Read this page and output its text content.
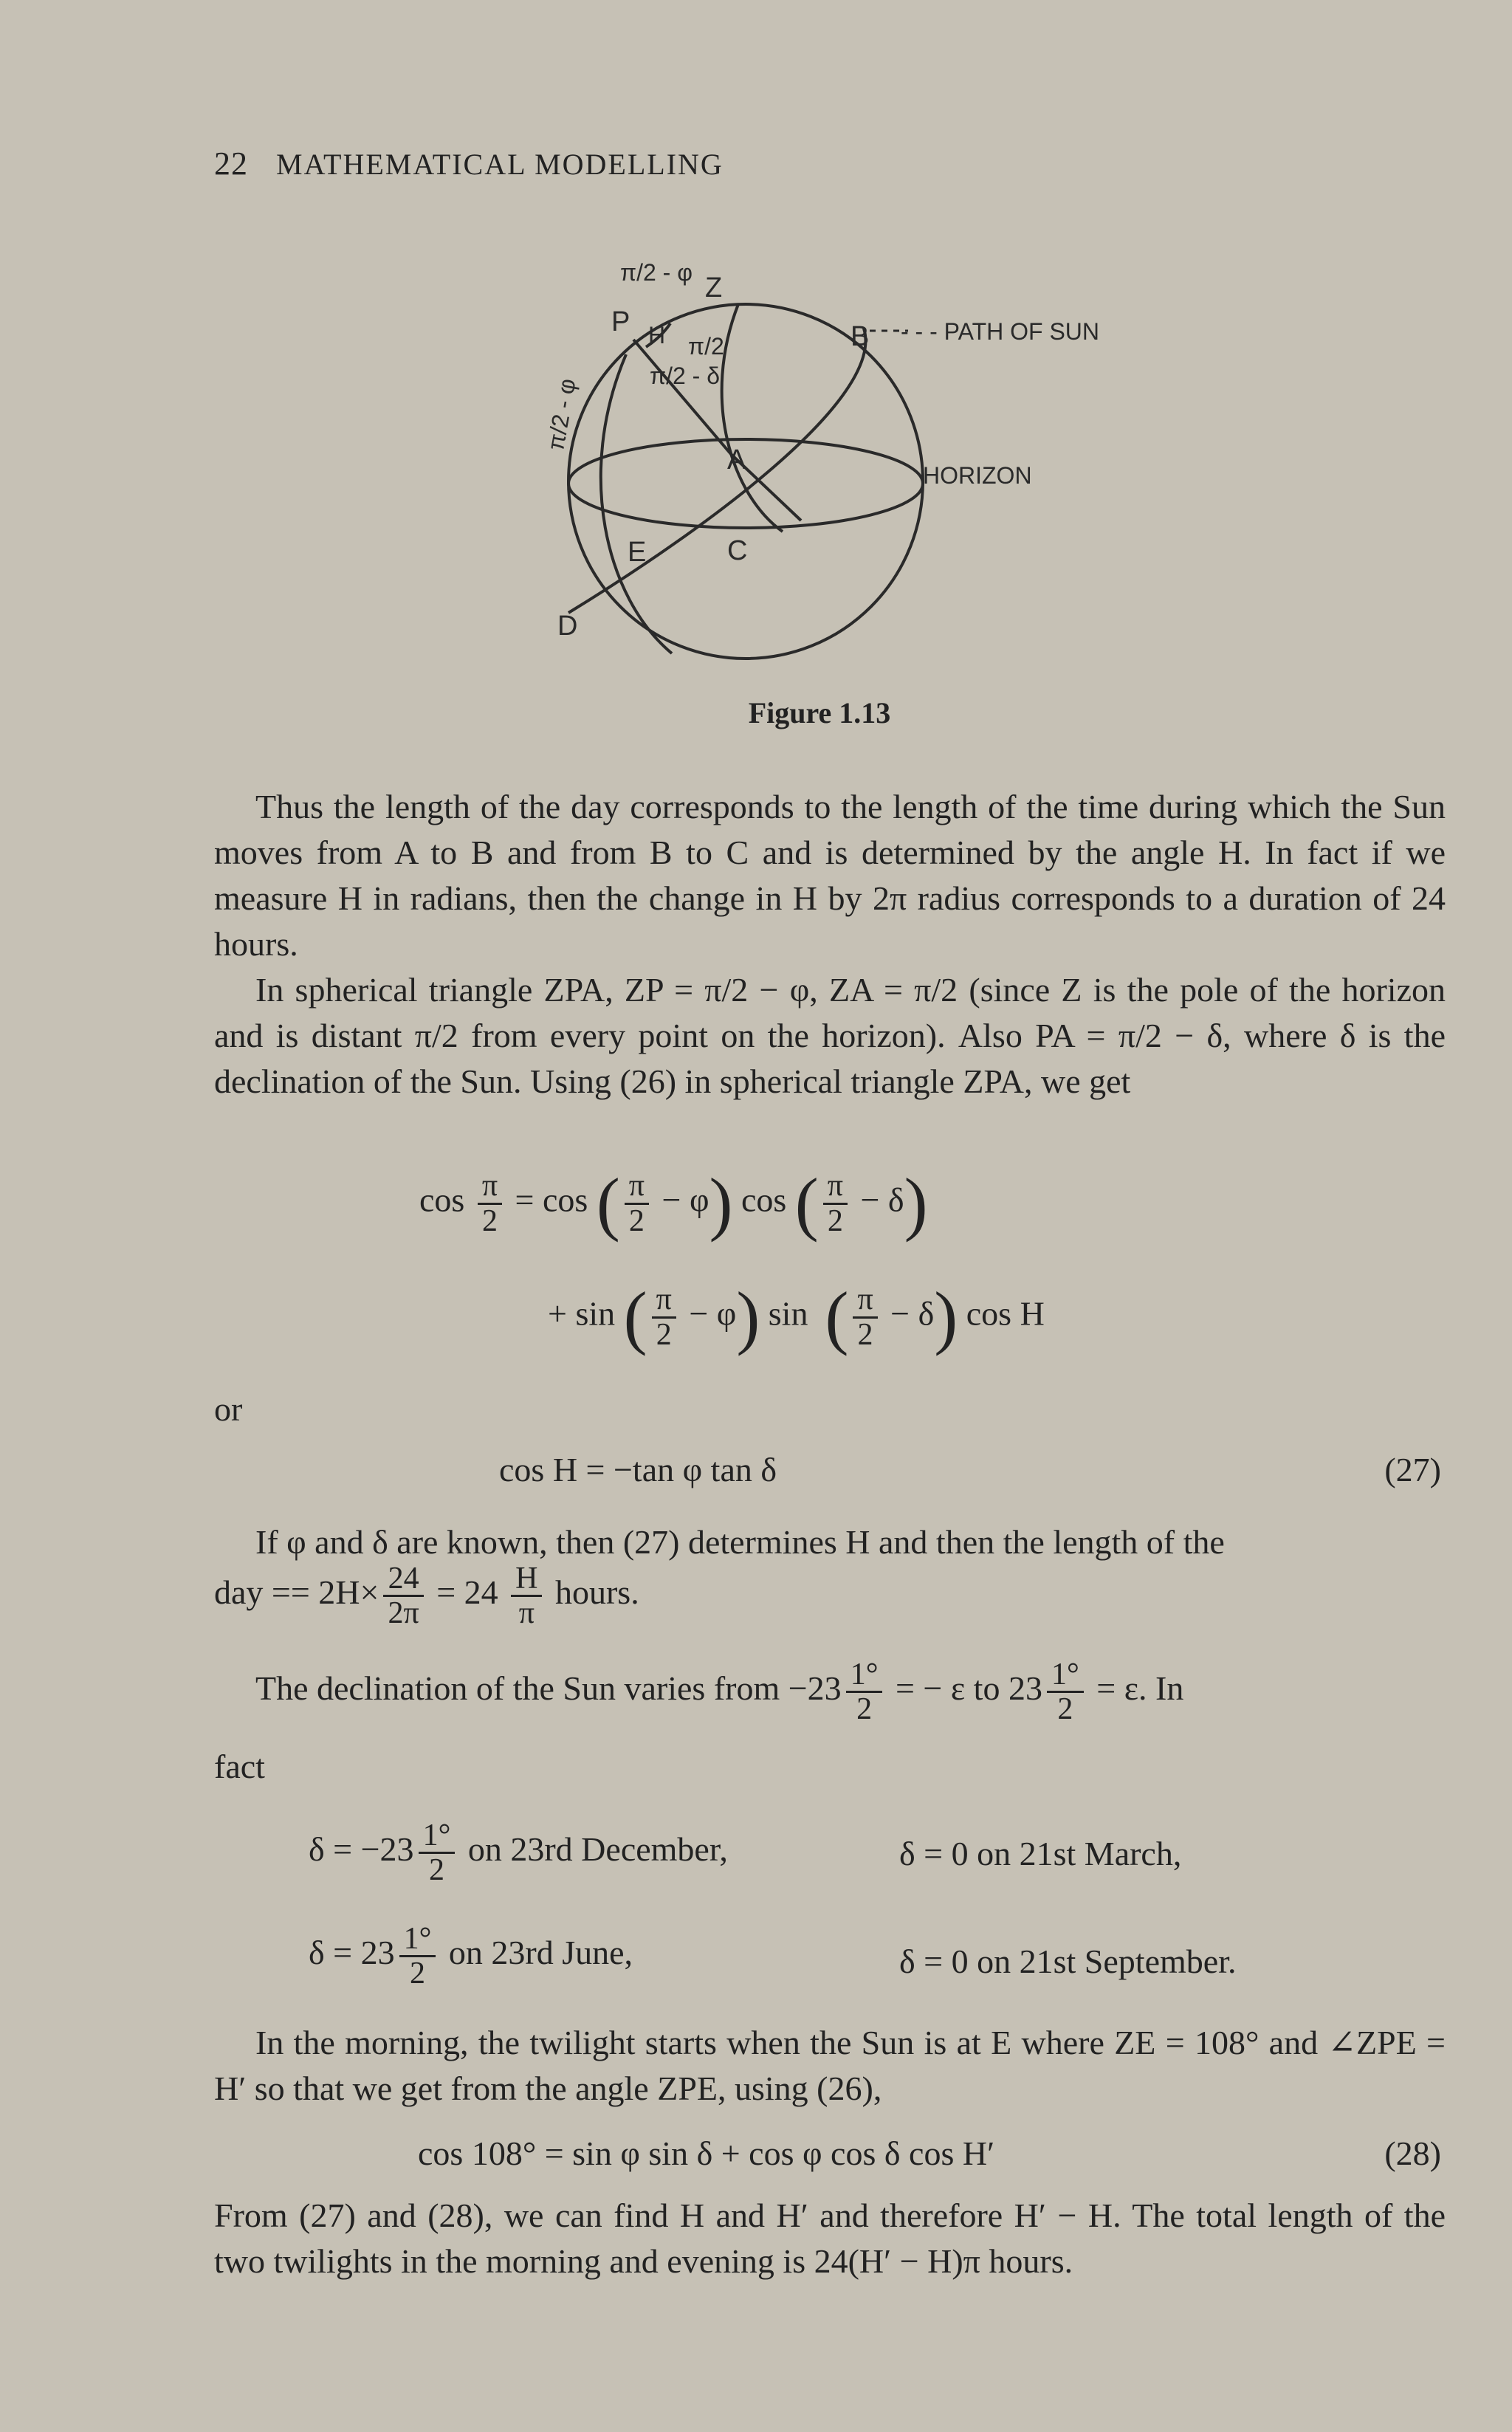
22 MATHEMATICAL MODELLING
P
Z
π/2 - φ
H
π/2 - δ
π/2
π/2 - φ
B
A
E	C
D
- - - PATH OF SUN
HORIZON
Figure 1.13
Thus the length of the day corresponds to the length of the time during which the Sun moves from A to B and from B to C and is determined by the angle H. In fact if we measure H in radians, then the change in H by 2π radius corresponds to a duration of 24 hours.
In spherical triangle ZPA, ZP = π/2 − φ, ZA = π/2 (since Z is the pole of the horizon and is distant π/2 from every point on the horizon). Also PA = π/2 − δ, where δ is the declination of the Sun. Using (26) in spherical triangle ZPA, we get
$\cos \frac{\pi}{2} = \cos$ ( $\frac{\pi}{2} - \varphi$) cos ( $\frac{\pi}{2} - \delta$)
+ sin ( $\frac{\pi}{2} - \varphi$) sin ( $\frac{\pi}{2} - \delta$) cos H
or
cos H = −tan φ tan δ	(27)
If φ and δ are known, then (27) determines H and then the length of the
day == $2H\times \frac{24}{2\pi} = 24 \frac{H}{\pi}$ hours.
The declination of the Sun varies from $-23 \frac{1^\circ}{2}$ = − ε to $23 \frac{1^\circ}{2} = \varepsilon$. In
fact
$\delta = -23 \frac{1^\circ}{2}$ on 23rd December,	δ = 0 on 21st March,
$\delta = 23 \frac{1^\circ}{2}$ on 23rd June,	δ = 0 on 21st September.
In the morning, the twilight starts when the Sun is at E where ZE = 108° and ∠ZPE = H′ so that we get from the angle ZPE, using (26),
cos 108° = sin φ sin δ + cos φ cos δ cos H′	(28)
From (27) and (28), we can find H and H′ and therefore H′ − H. The total length of the two twilights in the morning and evening is 24(H′ − H)π hours.
